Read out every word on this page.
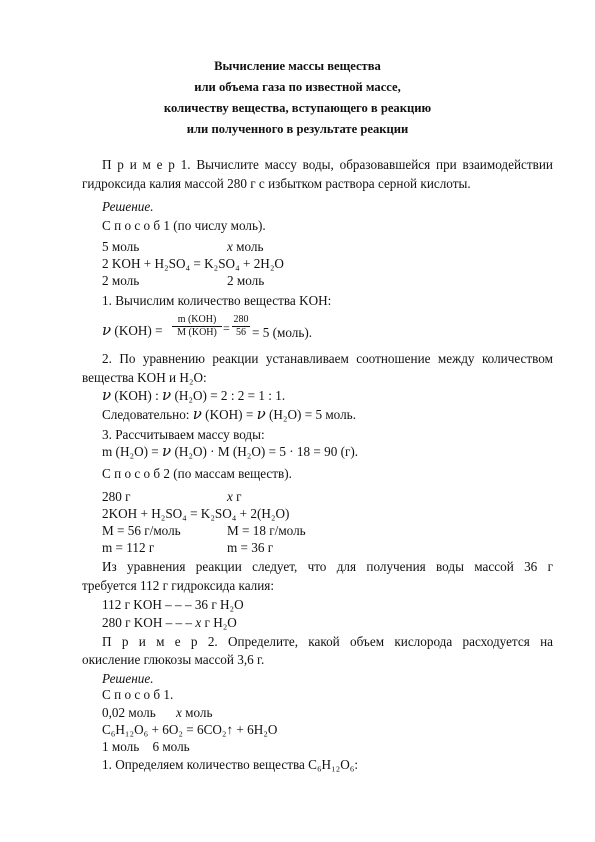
Вычисление массы вещества
или объема газа по известной массе,
количеству вещества, вступающего в реакцию
или полученного в результате реакции
П р и м е р 1. Вычислите массу воды, образовавшейся при взаимодействии
гидроксида калия массой 280 г с избытком раствора серной кислоты.
Решение.
С п о с о б 1 (по числу моль).
5 моль	x моль
2 KOH + H₂SO₄ = K₂SO₄ + 2H₂O
2 моль	2 моль
1. Вычислим количество вещества KOH:
ν (KOH) =
m (KOH)
M (KOH) =
280
56 = 5 (моль).
2. По уравнению реакции устанавливаем соотношение между количеством
вещества KOH и H₂O:
ν (KOH) : ν (H₂O) = 2 : 2 = 1 : 1.
Следовательно: ν (KOH) = ν (H₂O) = 5 моль.
3. Рассчитываем массу воды:
m (H₂O) = ν (H₂O) · M (H₂O) = 5 · 18 = 90 (г).
С п о с о б 2 (по массам веществ).
280 г	x г
2KOH + H₂SO₄ = K₂SO₄ + 2(H₂O)
M = 56 г/моль	M = 18 г/моль
m = 112 г	m = 36 г
Из уравнения реакции следует, что для получения воды массой 36 г
требуется 112 г гидроксида калия:
112 г KOH – – – 36 г H₂O
280 г KOH – – – x г H₂O
П р и м е р 2. Определите, какой объем кислорода расходуется на
окисление глюкозы массой 3,6 г.
Решение.
С п о с о б 1.
0,02 моль x моль
C₆H₁₂O₆ + 6O₂ = 6CO₂↑ + 6H₂O
1 моль    6 моль
1. Определяем количество вещества C₆H₁₂O₆:
